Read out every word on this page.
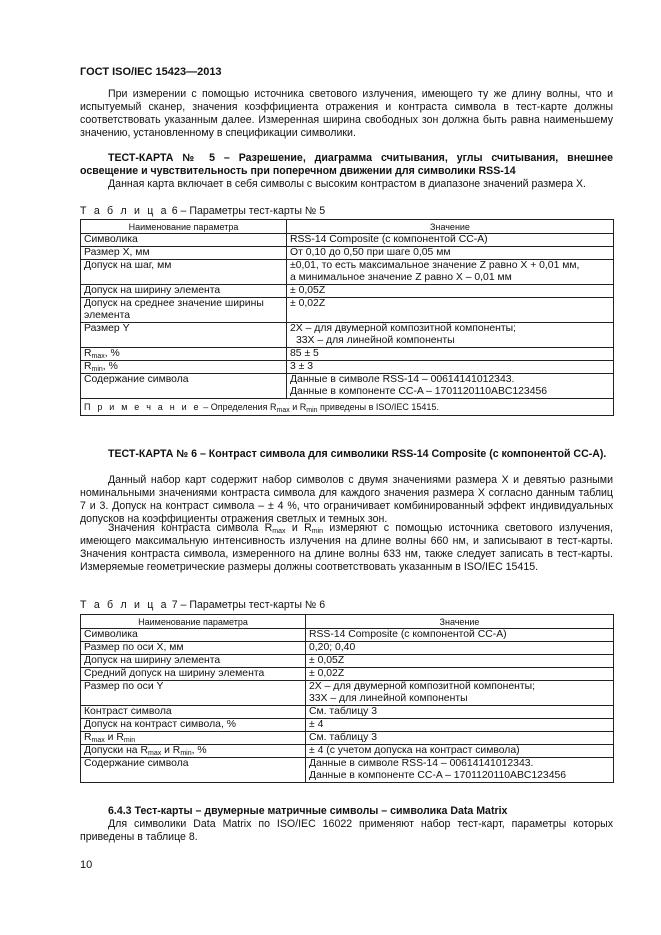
ГОСТ ISO/IEC 15423—2013

При измерении с помощью источника светового излучения, имеющего ту же длину волны, что и испытуемый сканер, значения коэффициента отражения и контраста символа в тест-карте должны соответствовать указанным далее. Измеренная ширина свободных зон должна быть равна наименьшему значению, установленному в спецификации символики.

ТЕСТ-КАРТА № 5 – Разрешение, диаграмма считывания, углы считывания, внешнее освещение и чувствительность при поперечном движении для символики RSS-14

Данная карта включает в себя символы с высоким контрастом в диапазоне значений размера X.

Т а б л и ц а 6 – Параметры тест-карты № 5

Наименование параметра	Значение
Символика	RSS-14 Composite (с компонентой CC-A)
Размер X, мм	От 0,10 до 0,50 при шаге 0,05 мм
Допуск на шаг, мм	±0,01, то есть максимальное значение Z равно X + 0,01 мм,
а минимальное значение Z равно X – 0,01 мм

Допуск на ширину элемента	± 0,05Z

Допуск на среднее значение ширины
элемента	± 0,02Z
Размер Y	2X – для двумерной композитной компоненты;
33X – для линейной компоненты

$R_{max}$, %	85 ± 5
$R_{min}$, %	3 ± 3
Содержание символа	Данные в символе RSS-14 – 00614141012343.
Данные в компоненте CC-A – 1701120110ABC123456

П р и м е ч а н и е – Определения $R_{max}$ и $R_{min}$ приведены в ISO/IEC 15415.	

ТЕСТ-КАРТА № 6 – Контраст символа для символики RSS-14 Composite (с компонентой CC-A).

Данный набор карт содержит набор символов с двумя значениями размера X и девятью разными номинальными значениями контраста символа для каждого значения размера X согласно данным таблиц 7 и 3. Допуск на контраст символа – ± 4 %, что ограничивает комбинированный эффект индивидуальных допусков на коэффициенты отражения светлых и темных зон.

Значения контраста символа $R_{max}$ и $R_{min}$ измеряют с помощью источника светового излучения, имеющего максимальную интенсивность излучения на длине волны 660 нм, и записывают в тест-карты. Значения контраста символа, измеренного на длине волны 633 нм, также следует записать в тест-карты. Измеряемые геометрические размеры должны соответствовать указанным в ISO/IEC 15415.

Т а б л и ц а 7 – Параметры тест-карты № 6

Наименование параметра	Значение
Символика	RSS-14 Composite (с компонентой CC-A)
Размер по оси X, мм	0,20; 0,40
Допуск на ширину элемента	± 0,05Z
Средний допуск на ширину элемента	± 0,02Z
Размер по оси Y	2X – для двумерной композитной компоненты;
33X – для линейной компоненты

Контраст символа	См. таблицу 3
Допуск на контраст символа, %	± 4
$R_{max}$ и $R_{min}$	См. таблицу 3
Допуски на $R_{max}$ и $R_{min}$, %	± 4 (с учетом допуска на контраст символа)
Содержание символа	Данные в символе RSS-14 – 00614141012343.
Данные в компоненте CC-A – 1701120110ABC123456

6.4.3 Тест-карты – двумерные матричные символы – символика Data Matrix

Для символики Data Matrix по ISO/IEC 16022 применяют набор тест-карт, параметры которых приведены в таблице 8.

10
